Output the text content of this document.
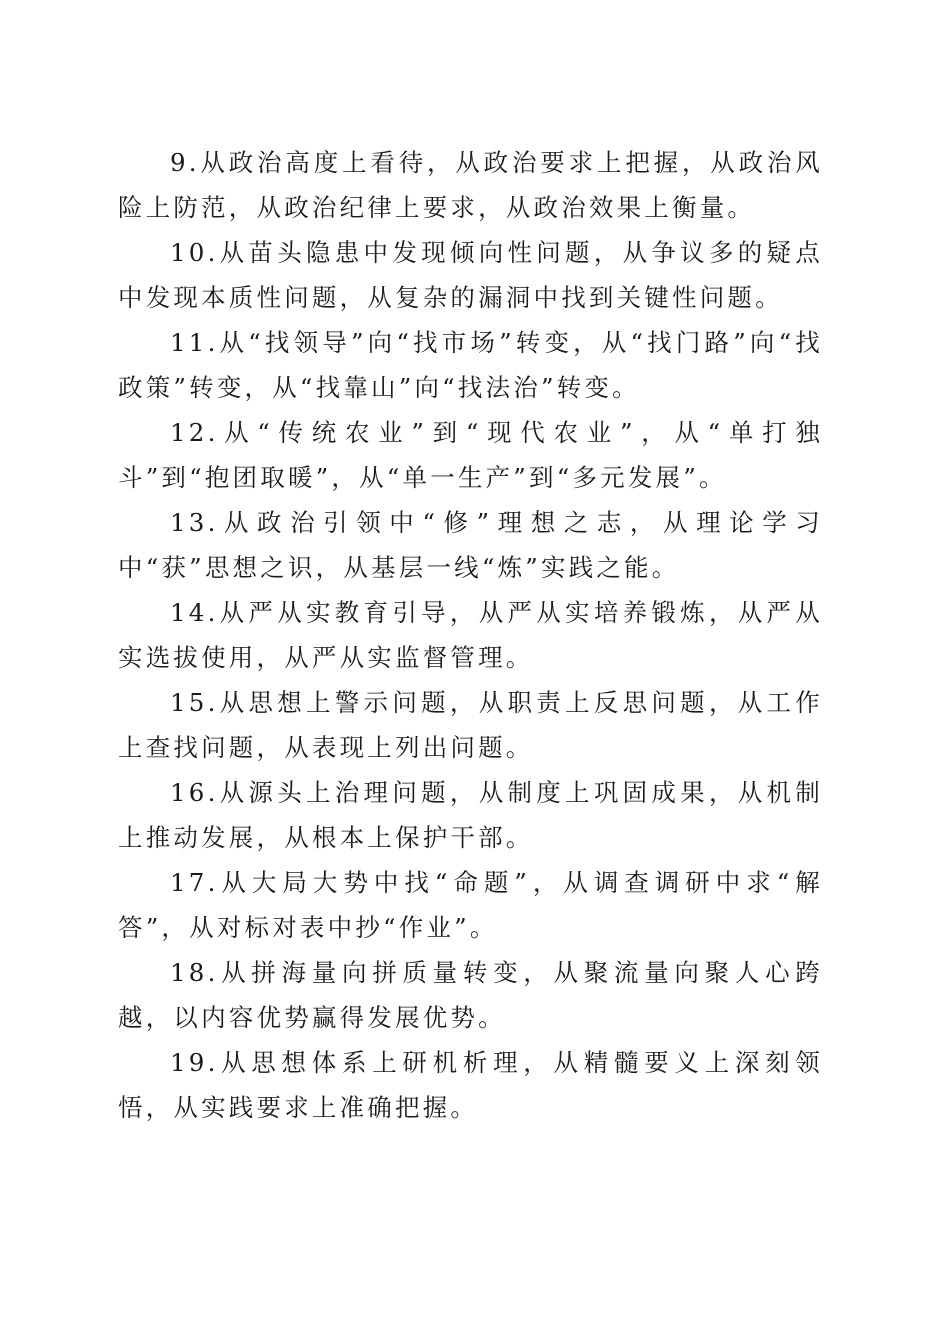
9.从政治高度上看待，从政治要求上把握，从政治风险上防范，从政治纪律上要求，从政治效果上衡量。

10.从苗头隐患中发现倾向性问题，从争议多的疑点中发现本质性问题，从复杂的漏洞中找到关键性问题。

11.从“找领导”向“找市场”转变，从“找门路”向“找政策”转变，从“找靠山”向“找法治”转变。

12.从“传统农业”到“现代农业”，从“单打独斗”到“抱团取暖”，从“单一生产”到“多元发展”。

13.从政治引领中“修”理想之志，从理论学习中“获”思想之识，从基层一线“炼”实践之能。

14.从严从实教育引导，从严从实培养锻炼，从严从实选拔使用，从严从实监督管理。

15.从思想上警示问题，从职责上反思问题，从工作上查找问题，从表现上列出问题。

16.从源头上治理问题，从制度上巩固成果，从机制上推动发展，从根本上保护干部。

17.从大局大势中找“命题”，从调查调研中求“解答”，从对标对表中抄“作业”。

18.从拼海量向拼质量转变，从聚流量向聚人心跨越，以内容优势赢得发展优势。

19.从思想体系上研机析理，从精髓要义上深刻领悟，从实践要求上准确把握。
